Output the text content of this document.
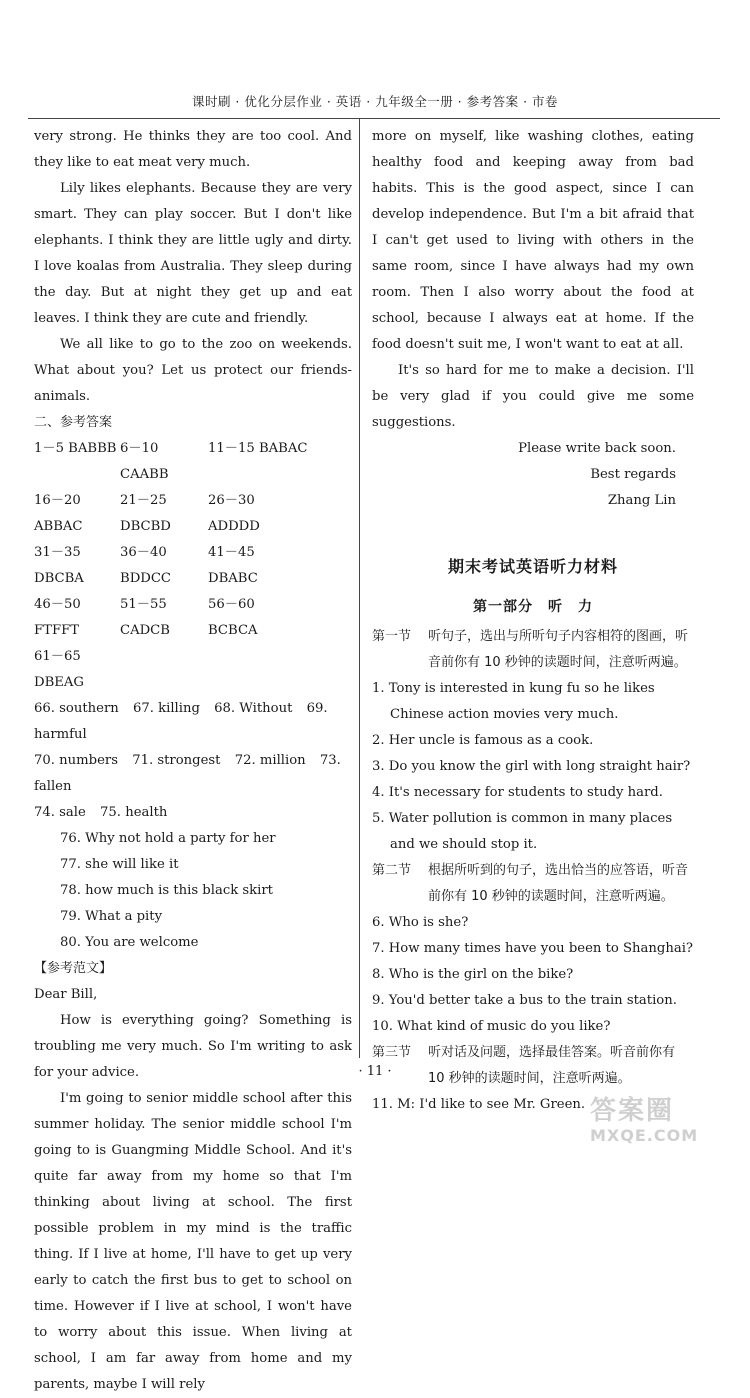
课时刷 · 优化分层作业 · 英语 · 九年级全一册 · 参考答案 · 市卷

very strong. He thinks they are too cool. And they like to eat meat very much.

Lily likes elephants. Because they are very smart. They can play soccer. But I don't like elephants. I think they are little ugly and dirty. I love koalas from Australia. They sleep during the day. But at night they get up and eat leaves. I think they are cute and friendly.

We all like to go to the zoo on weekends. What about you? Let us protect our friends-animals.

二、参考答案

1－5 BABBB 6－10 CAABB
11－15 BABAC
16－20 ABBAC
21－25 DBCBD
26－30 ADDDD
31－35 DBCBA
36－40 BDDCC
41－45 DBABC
46－50 FTFFT
51－55 CADCB
56－60 BCBCA
61－65 DBEAG
66. southern 67. killing 68. Without 69. harmful
70. numbers 71. strongest 72. million 73. fallen
74. sale 75. health

76. Why not hold a party for her

77. she will like it

78. how much is this black skirt

79. What a pity

80. You are welcome

【参考范文】

Dear Bill,

How is everything going? Something is troubling me very much. So I'm writing to ask for your advice.

I'm going to senior middle school after this summer holiday. The senior middle school I'm going to is Guangming Middle School. And it's quite far away from my home so that I'm thinking about living at school. The first possible problem in my mind is the traffic thing. If I live at home, I'll have to get up very early to catch the first bus to get to school on time. However if I live at school, I won't have to worry about this issue. When living at school, I am far away from home and my parents, maybe I will rely

more on myself, like washing clothes, eating healthy food and keeping away from bad habits. This is the good aspect, since I can develop independence. But I'm a bit afraid that I can't get used to living with others in the same room, since I have always had my own room. Then I also worry about the food at school, because I always eat at home. If the food doesn't suit me, I won't want to eat at all.

It's so hard for me to make a decision. I'll be very glad if you could give me some suggestions.

Please write back soon.

Best regards

Zhang Lin

期末考试英语听力材料
第一部分　听　力
第一节	听句子，选出与所听句子内容相符的图画，听音前你有 10 秒钟的读题时间，注意听两遍。

1. Tony is interested in kung fu so he likes Chinese action movies very much.

2. Her uncle is famous as a cook.

3. Do you know the girl with long straight hair?

4. It's necessary for students to study hard.

5. Water pollution is common in many places and we should stop it.

第二节	根据所听到的句子，选出恰当的应答语，听音前你有 10 秒钟的读题时间，注意听两遍。

6. Who is she?

7. How many times have you been to Shanghai?

8. Who is the girl on the bike?

9. You'd better take a bus to the train station.

10. What kind of music do you like?

第三节	听对话及问题，选择最佳答案。听音前你有 10 秒钟的读题时间，注意听两遍。

11. M: I'd like to see Mr. Green.

· 11 ·
答案圈
MXQE.COM
